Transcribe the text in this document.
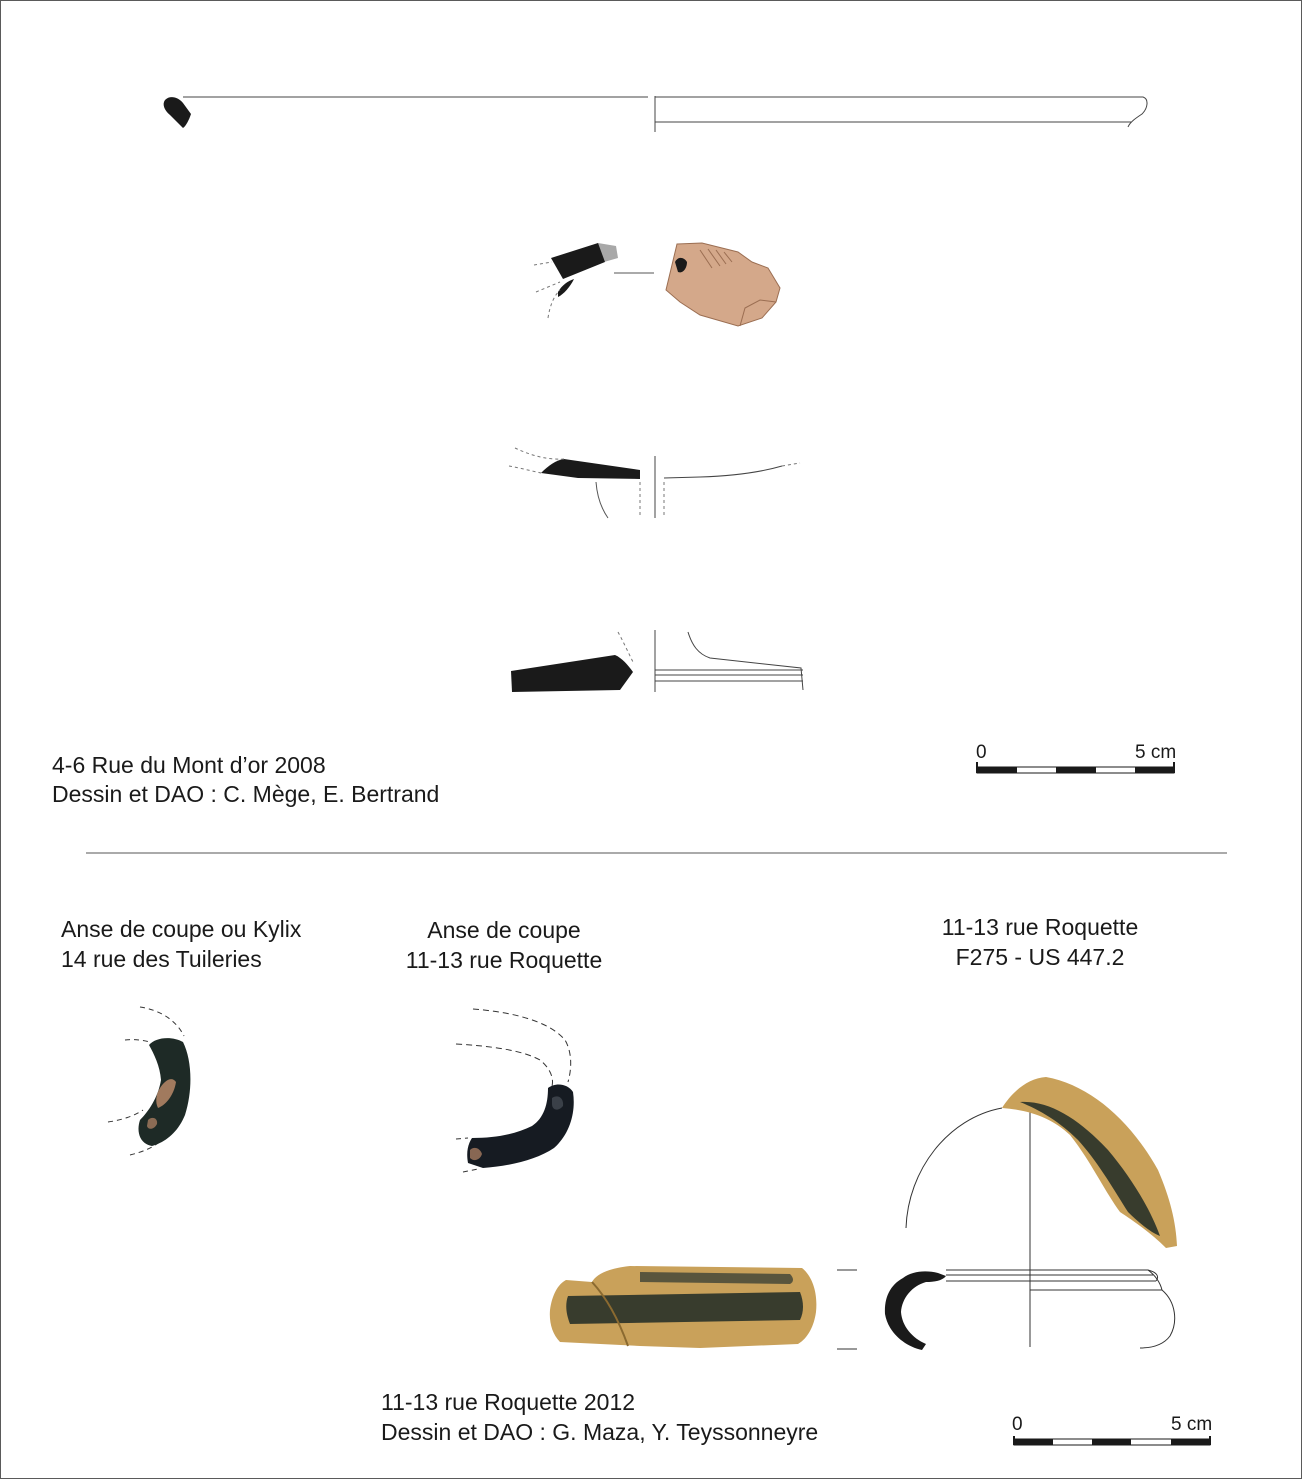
4-6 Rue du Mont d’or 2008
Dessin et DAO : C. Mège, E. Bertrand
0	5 cm
Anse de coupe ou Kylix
14 rue des Tuileries
Anse de coupe
11-13 rue Roquette
11-13 rue Roquette
F275 - US 447.2
11-13 rue Roquette 2012
Dessin et DAO : G. Maza, Y. Teyssonneyre	0	5 cm
